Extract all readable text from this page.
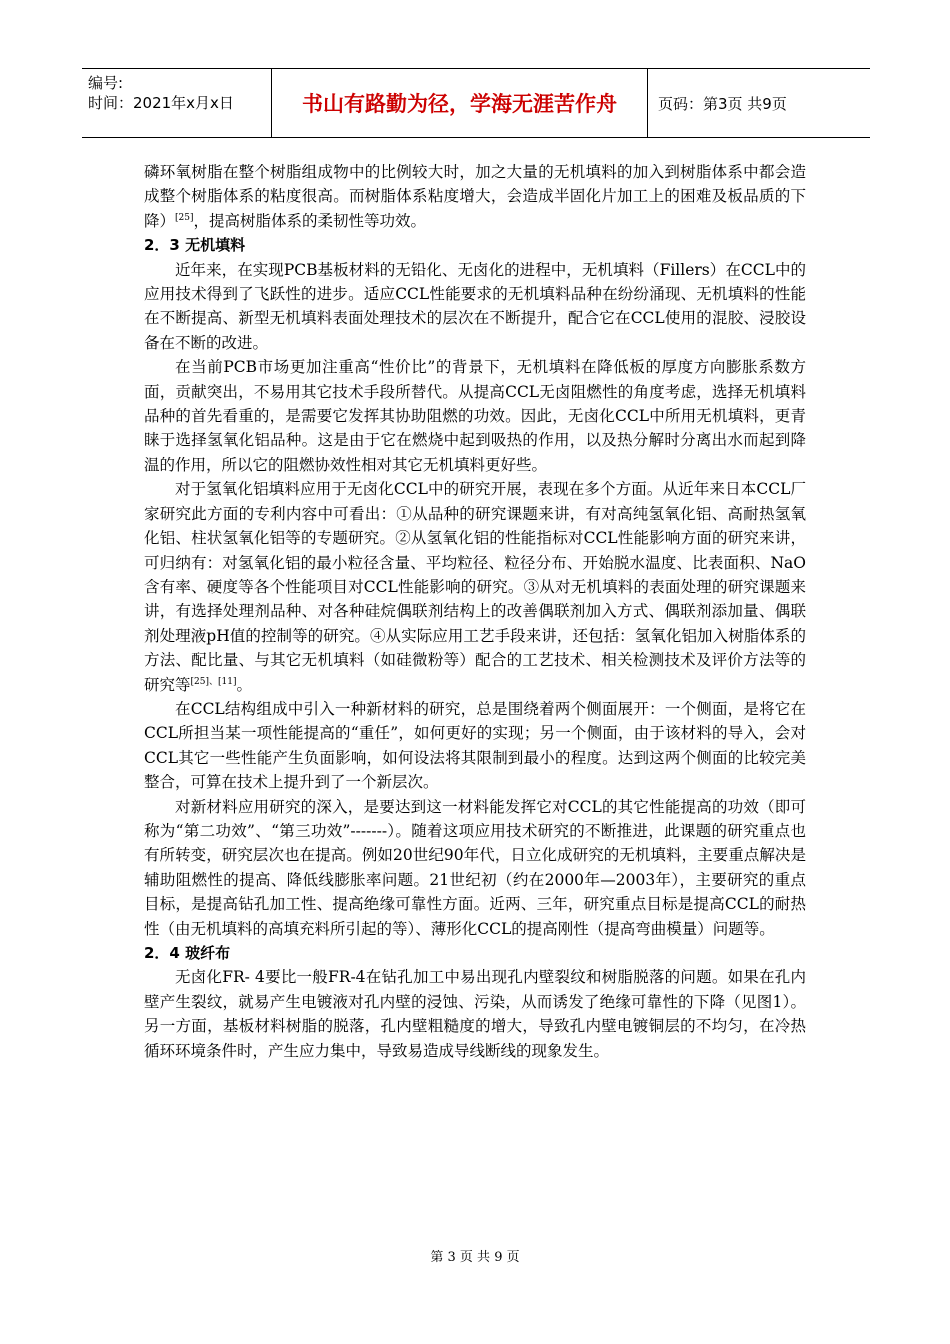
编号:
时间：2021年x月x日	书山有路勤为径，学海无涯苦作舟	页码：第3页 共9页

磷环氧树脂在整个树脂组成物中的比例较大时，加之大量的无机填料的加入到树脂体系中都会造成整个树脂体系的粘度很高。而树脂体系粘度增大，会造成半固化片加工上的困难及板品质的下降）[25]，提高树脂体系的柔韧性等功效。

2．3 无机填料

近年来，在实现PCB基板材料的无铅化、无卤化的进程中，无机填料（Fillers）在CCL中的应用技术得到了飞跃性的进步。适应CCL性能要求的无机填料品种在纷纷涌现、无机填料的性能在不断提高、新型无机填料表面处理技术的层次在不断提升，配合它在CCL使用的混胶、浸胶设备在不断的改进。

在当前PCB市场更加注重高“性价比”的背景下，无机填料在降低板的厚度方向膨胀系数方面，贡献突出，不易用其它技术手段所替代。从提高CCL无卤阻燃性的角度考虑，选择无机填料品种的首先看重的，是需要它发挥其协助阻燃的功效。因此，无卤化CCL中所用无机填料，更青睐于选择氢氧化铝品种。这是由于它在燃烧中起到吸热的作用，以及热分解时分离出水而起到降温的作用，所以它的阻燃协效性相对其它无机填料更好些。

对于氢氧化铝填料应用于无卤化CCL中的研究开展，表现在多个方面。从近年来日本CCL厂家研究此方面的专利内容中可看出：①从品种的研究课题来讲，有对高纯氢氧化铝、高耐热氢氧化铝、柱状氢氧化铝等的专题研究。②从氢氧化铝的性能指标对CCL性能影响方面的研究来讲，可归纳有：对氢氧化铝的最小粒径含量、平均粒径、粒径分布、开始脱水温度、比表面积、NaO含有率、硬度等各个性能项目对CCL性能影响的研究。③从对无机填料的表面处理的研究课题来讲，有选择处理剂品种、对各种硅烷偶联剂结构上的改善偶联剂加入方式、偶联剂添加量、偶联剂处理液pH值的控制等的研究。④从实际应用工艺手段来讲，还包括：氢氧化铝加入树脂体系的方法、配比量、与其它无机填料（如硅微粉等）配合的工艺技术、相关检测技术及评价方法等的研究等[25]、[11]。

在CCL结构组成中引入一种新材料的研究，总是围绕着两个侧面展开：一个侧面，是将它在CCL所担当某一项性能提高的“重任”，如何更好的实现；另一个侧面，由于该材料的导入，会对CCL其它一些性能产生负面影响，如何设法将其限制到最小的程度。达到这两个侧面的比较完美整合，可算在技术上提升到了一个新层次。

对新材料应用研究的深入，是要达到这一材料能发挥它对CCL的其它性能提高的功效（即可称为“第二功效”、“第三功效”-------）。随着这项应用技术研究的不断推进，此课题的研究重点也有所转变，研究层次也在提高。例如20世纪90年代，日立化成研究的无机填料，主要重点解决是辅助阻燃性的提高、降低线膨胀率问题。21世纪初（约在2000年—2003年），主要研究的重点目标，是提高钻孔加工性、提高绝缘可靠性方面。近两、三年，研究重点目标是提高CCL的耐热性（由无机填料的高填充料所引起的等）、薄形化CCL的提高刚性（提高弯曲模量）问题等。

2．4 玻纤布

无卤化FR- 4要比一般FR-4在钻孔加工中易出现孔内壁裂纹和树脂脱落的问题。如果在孔内壁产生裂纹，就易产生电镀液对孔内壁的浸蚀、污染，从而诱发了绝缘可靠性的下降（见图1）。另一方面，基板材料树脂的脱落，孔内壁粗糙度的增大，导致孔内壁电镀铜层的不均匀，在冷热循环环境条件时，产生应力集中，导致易造成导线断线的现象发生。

第 3 页 共 9 页
